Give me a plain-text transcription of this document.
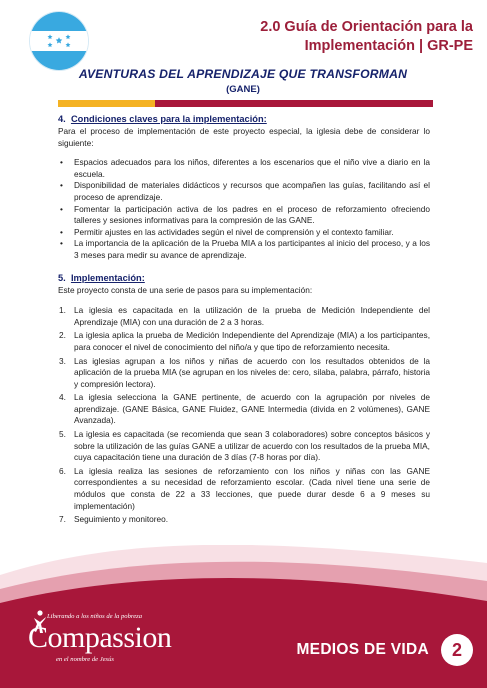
2.0 Guía de Orientación para la
Implementación | GR-PE
AVENTURAS DEL APRENDIZAJE QUE TRANSFORMAN
(GANE)

4. Condiciones claves para la implementación:

Para el proceso de implementación de este proyecto especial, la iglesia debe de considerar lo siguiente:

• Espacios adecuados para los niños, diferentes a los escenarios que el niño vive a diario en la escuela.
• Disponibilidad de materiales didácticos y recursos que acompañen las guías, facilitando así el proceso de aprendizaje.
• Fomentar la participación activa de los padres en el proceso de reforzamiento ofreciendo talleres y sesiones informativas para la compresión de las GANE.
• Permitir ajustes en las actividades según el nivel de comprensión y el contexto familiar.
• La importancia de la aplicación de la Prueba MIA a los participantes al inicio del proceso, y a los 3 meses para medir su avance de aprendizaje.

5. Implementación:

Este proyecto consta de una serie de pasos para su implementación:

1. La iglesia es capacitada en la utilización de la prueba de Medición Independiente del Aprendizaje (MIA) con una duración de 2 a 3 horas.
2. La iglesia aplica la prueba de Medición Independiente del Aprendizaje (MIA) a los participantes, para conocer el nivel de conocimiento del niño/a y que tipo de reforzamiento necesita.
3. Las iglesias agrupan a los niños y niñas de acuerdo con los resultados obtenidos de la aplicación de la prueba MIA (se agrupan en los niveles de: cero, silaba, palabra, párrafo, historia y compresión lectora).
4. La iglesia selecciona la GANE pertinente, de acuerdo con la agrupación por niveles de aprendizaje. (GANE Básica, GANE Fluidez, GANE Intermedia (divida en 2 volúmenes), GANE Avanzada).
5. La iglesia es capacitada (se recomienda que sean 3 colaboradores) sobre conceptos básicos y sobre la utilización de las guías GANE a utilizar de acuerdo con los resultados de la prueba MIA, cuya capacitación tiene una duración de 3 días (7-8 horas por día).
6. La iglesia realiza las sesiones de reforzamiento con los niños y niñas con las GANE correspondientes a su necesidad de reforzamiento escolar. (Cada nivel tiene una serie de módulos que consta de 22 a 33 lecciones, que puede durar desde 6 a 9 meses su implementación)
7. Seguimiento y monitoreo.
Liberando a los niños de la pobreza
Compassion
en el nombre de Jesús
MEDIOS DE VIDA	2
